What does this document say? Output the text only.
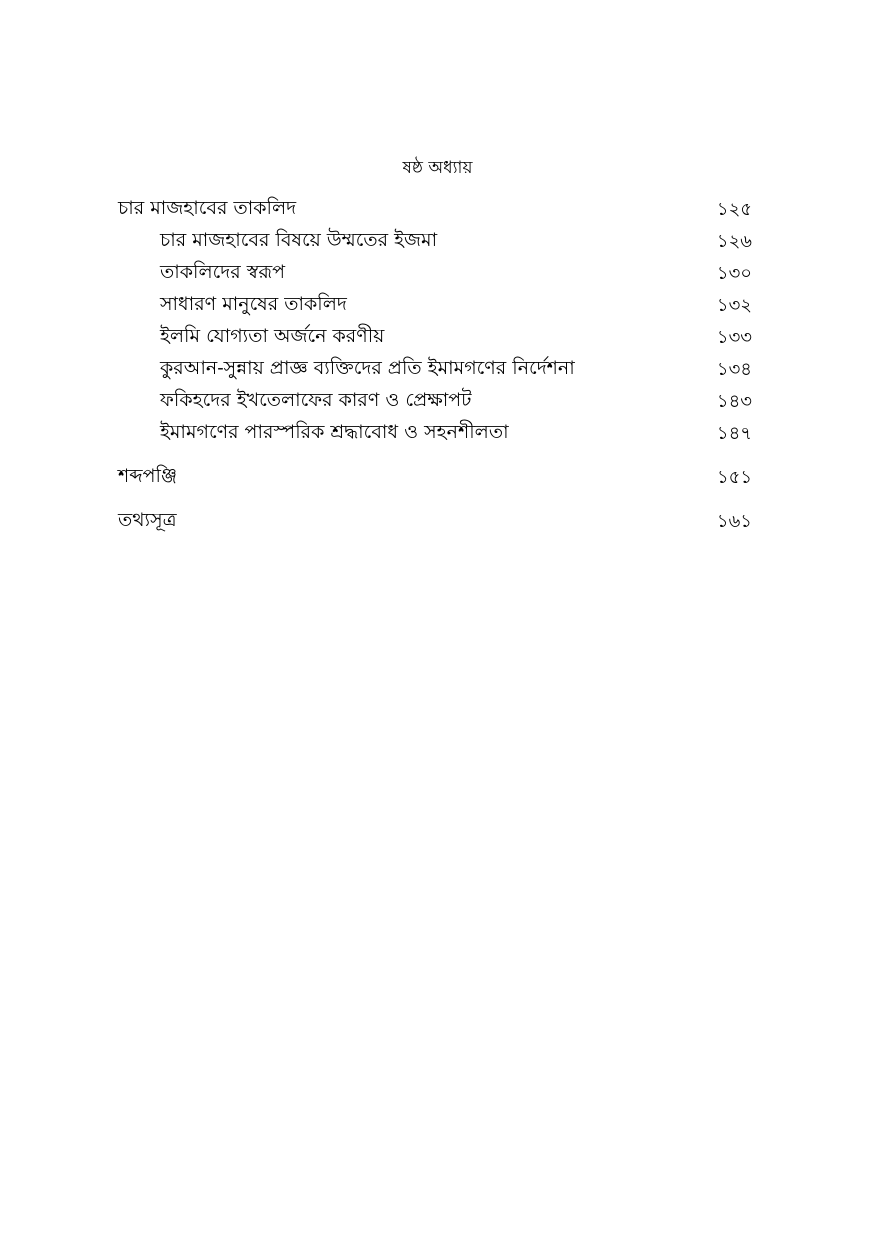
ষষ্ঠ অধ্যায়
চার মাজহাবের তাকলিদ	১২৫
চার মাজহাবের বিষয়ে উম্মতের ইজমা	১২৬
তাকলিদের স্বরূপ	১৩০
সাধারণ মানুষের তাকলিদ	১৩২
ইলমি যোগ্যতা অর্জনে করণীয়	১৩৩
কুরআন-সুন্নায় প্রাজ্ঞ ব্যক্তিদের প্রতি ইমামগণের নির্দেশনা	১৩৪
ফকিহদের ইখতেলাফের কারণ ও প্রেক্ষাপট	১৪৩
ইমামগণের পারস্পরিক শ্রদ্ধাবোধ ও সহনশীলতা	১৪৭
শব্দপঞ্জি	১৫১
তথ্যসূত্র	১৬১
